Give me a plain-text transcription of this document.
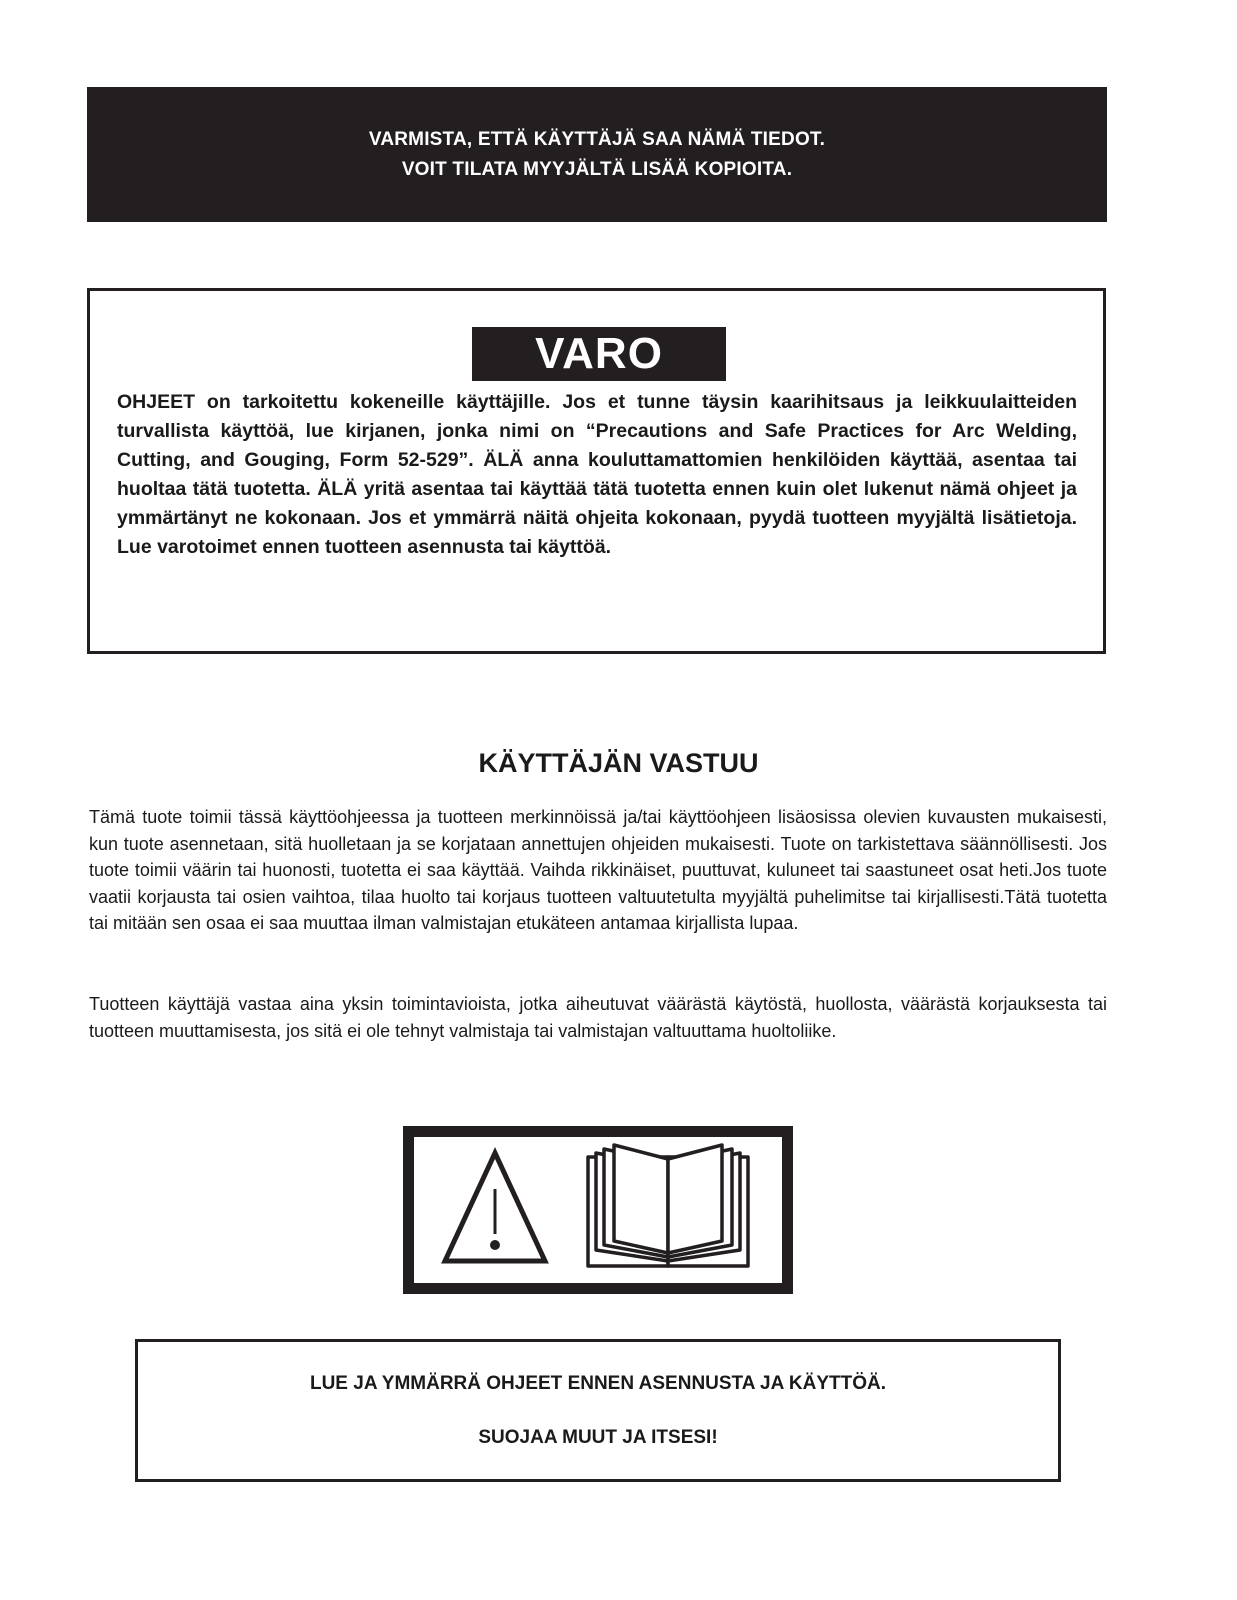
VARMISTA, ETTÄ KÄYTTÄJÄ SAA NÄMÄ TIEDOT.
VOIT TILATA MYYJÄLTÄ LISÄÄ KOPIOITA.
VARO

OHJEET on tarkoitettu kokeneille käyttäjille. Jos et tunne täysin kaarihitsaus ja leikkuulaitteiden turvallista käyttöä, lue kirjanen, jonka nimi on “Precautions and Safe Practices for Arc Welding, Cutting, and Gouging, Form 52-529”. ÄLÄ anna kouluttamattomien henkilöiden käyttää, asentaa tai huoltaa tätä tuotetta. ÄLÄ yritä asentaa tai käyttää tätä tuotetta ennen kuin olet lukenut nämä ohjeet ja ymmärtänyt ne kokonaan. Jos et ymmärrä näitä ohjeita kokonaan, pyydä tuotteen myyjältä lisätietoja. Lue varotoimet ennen tuotteen asennusta tai käyttöä.

KÄYTTÄJÄN VASTUU

Tämä tuote toimii tässä käyttöohjeessa ja tuotteen merkinnöissä ja/tai käyttöohjeen lisäosissa olevien kuvausten mukaisesti, kun tuote asennetaan, sitä huolletaan ja se korjataan annettujen ohjeiden mukaisesti. Tuote on tarkistettava säännöllisesti. Jos tuote toimii väärin tai huonosti, tuotetta ei saa käyttää. Vaihda rikkinäiset, puuttuvat, kuluneet tai saastuneet osat heti.Jos tuote vaatii korjausta tai osien vaihtoa, tilaa huolto tai korjaus tuotteen valtuutetulta myyjältä puhelimitse tai kirjallisesti.Tätä tuotetta tai mitään sen osaa ei saa muuttaa ilman valmistajan etukäteen antamaa kirjallista lupaa.

Tuotteen käyttäjä vastaa aina yksin toimintavioista, jotka aiheutuvat väärästä käytöstä, huollosta, väärästä korjauksesta tai tuotteen muuttamisesta, jos sitä ei ole tehnyt valmistaja tai valmistajan valtuuttama huoltoliike.

LUE JA YMMÄRRÄ OHJEET ENNEN ASENNUSTA JA KÄYTTÖÄ.
SUOJAA MUUT JA ITSESI!
